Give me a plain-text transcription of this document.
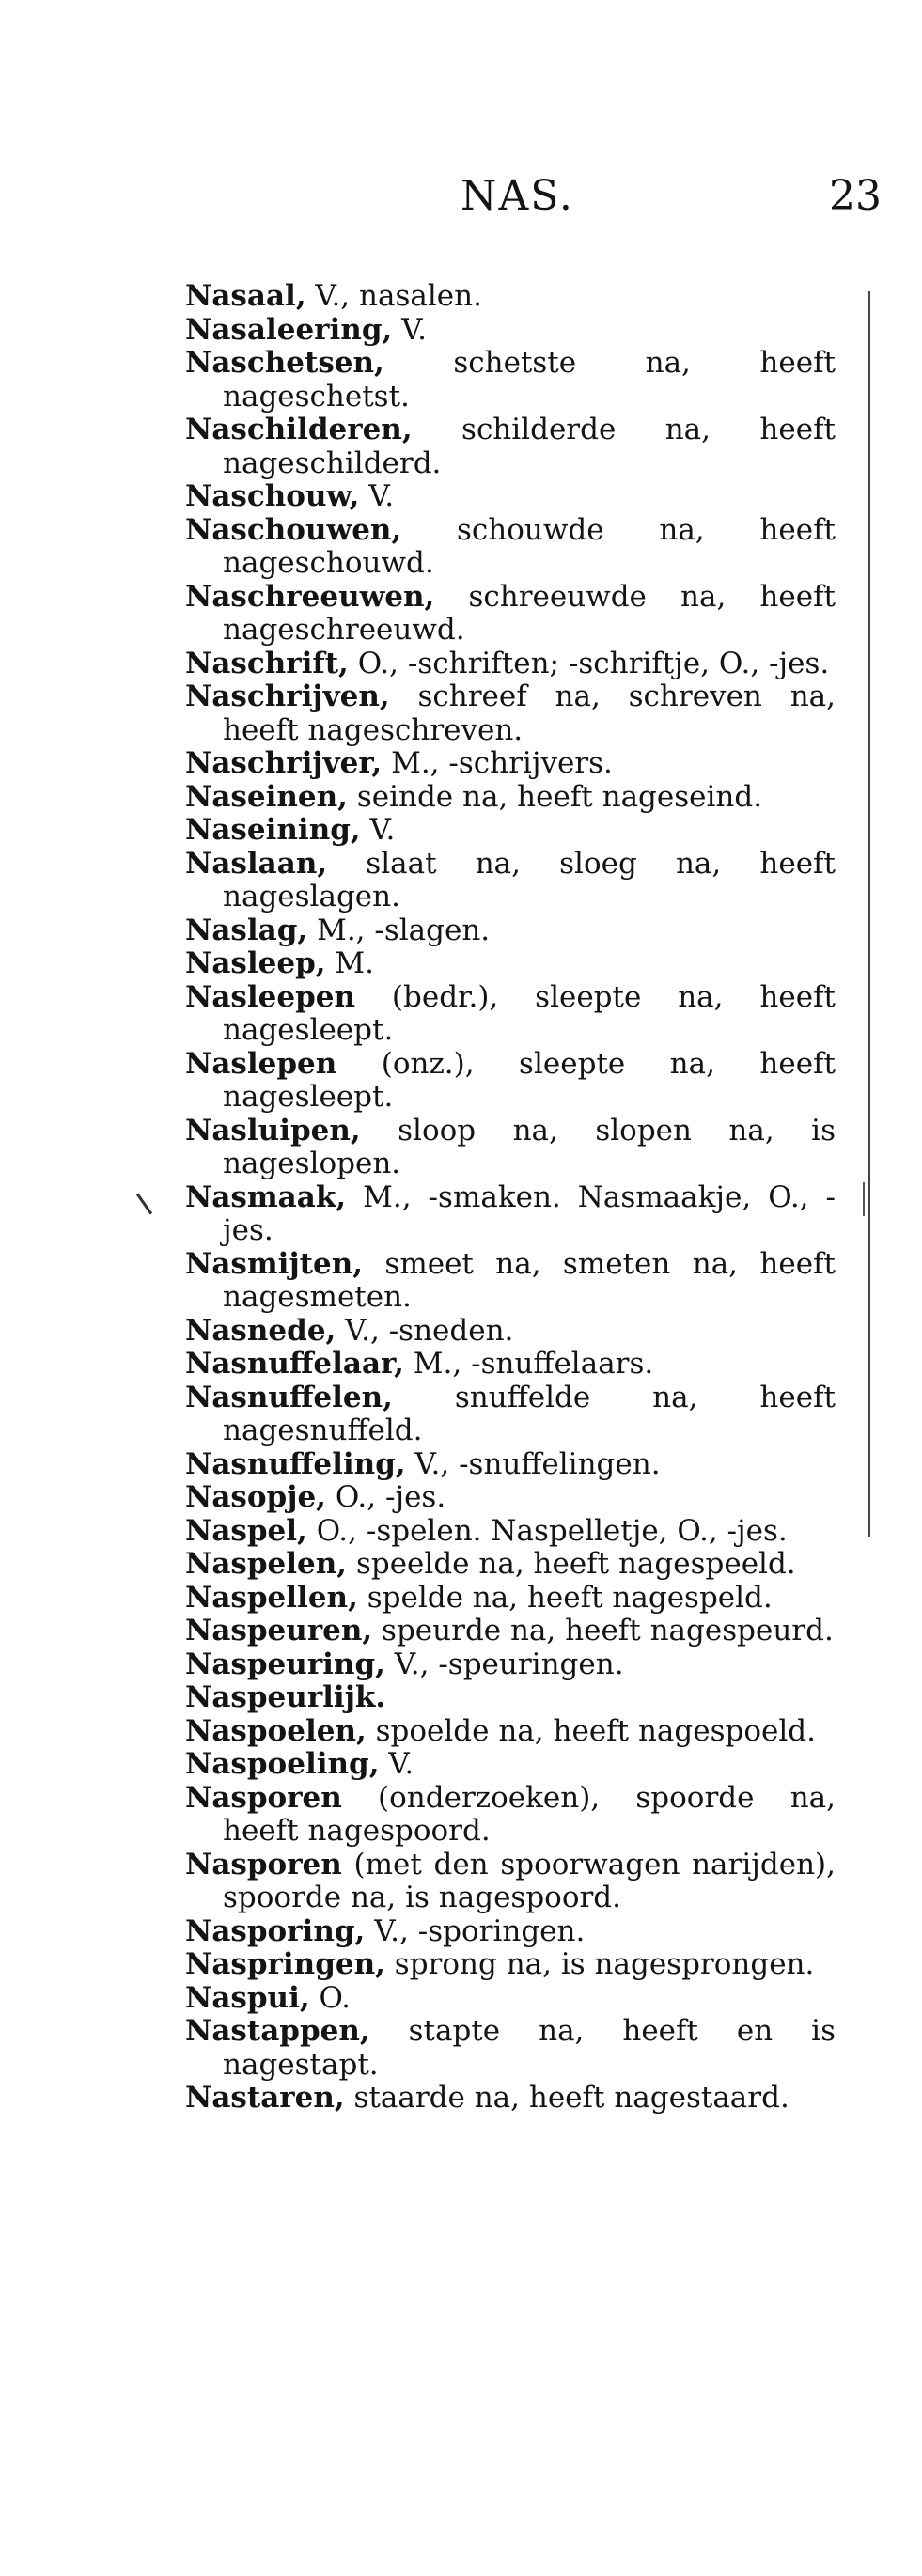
NAS.	23
Nasaal, V., nasalen.
Nasaleering, V.
Naschetsen, schetste na, heeft nageschetst.
Naschilderen, schilderde na, heeft nageschilderd.
Naschouw, V.
Naschouwen, schouwde na, heeft nageschouwd.
Naschreeuwen, schreeuwde na, heeft nageschreeuwd.
Naschrift, O., -schriften; -schriftje, O., -jes.
Naschrijven, schreef na, schreven na, heeft nageschreven.
Naschrijver, M., -schrijvers.
Naseinen, seinde na, heeft nageseind.
Naseining, V.
Naslaan, slaat na, sloeg na, heeft nageslagen.
Naslag, M., -slagen.
Nasleep, M.
Nasleepen (bedr.), sleepte na, heeft nagesleept.
Naslepen (onz.), sleepte na, heeft nagesleept.
Nasluipen, sloop na, slopen na, is nageslopen.
Nasmaak, M., -smaken. Nasmaakje, O., -jes.
Nasmijten, smeet na, smeten na, heeft nagesmeten.
Nasnede, V., -sneden.
Nasnuffelaar, M., -snuffelaars.
Nasnuffelen, snuffelde na, heeft nagesnuffeld.
Nasnuffeling, V., -snuffelingen.
Nasopje, O., -jes.
Naspel, O., -spelen. Naspelletje, O., -jes.
Naspelen, speelde na, heeft nagespeeld.
Naspellen, spelde na, heeft nagespeld.
Naspeuren, speurde na, heeft nagespeurd.
Naspeuring, V., -speuringen.
Naspeurlijk.
Naspoelen, spoelde na, heeft nagespoeld.
Naspoeling, V.
Nasporen (onderzoeken), spoorde na, heeft nagespoord.
Nasporen (met den spoorwagen narijden), spoorde na, is nagespoord.
Nasporing, V., -sporingen.
Naspringen, sprong na, is nagesprongen.
Naspui, O.
Nastappen, stapte na, heeft en is nagestapt.
Nastaren, staarde na, heeft nagestaard.
